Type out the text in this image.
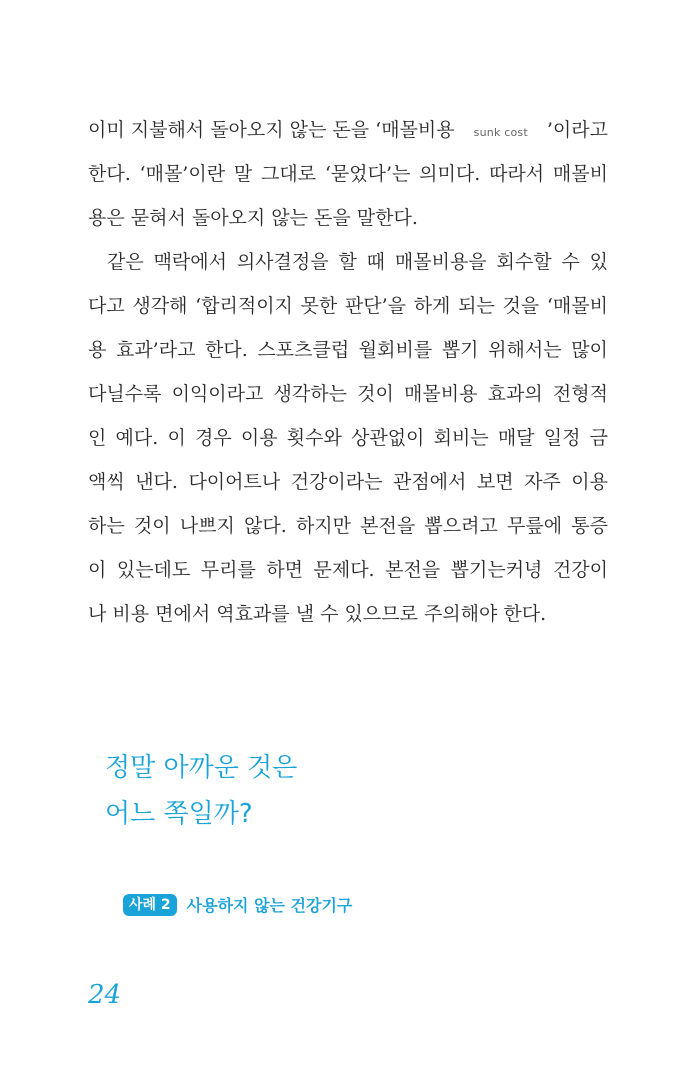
이미 지불해서 돌아오지 않는 돈을 ‘매몰비용 sunk cost ’이라고
한다. ‘매몰’이란 말 그대로 ‘묻었다’는 의미다. 따라서 매몰비
용은 묻혀서 돌아오지 않는 돈을 말한다.
같은 맥락에서 의사결정을 할 때 매몰비용을 회수할 수 있
다고 생각해 ‘합리적이지 못한 판단’을 하게 되는 것을 ‘매몰비
용 효과’라고 한다. 스포츠클럽 월회비를 뽑기 위해서는 많이
다닐수록 이익이라고 생각하는 것이 매몰비용 효과의 전형적
인 예다. 이 경우 이용 횟수와 상관없이 회비는 매달 일정 금
액씩 낸다. 다이어트나 건강이라는 관점에서 보면 자주 이용
하는 것이 나쁘지 않다. 하지만 본전을 뽑으려고 무릎에 통증
이 있는데도 무리를 하면 문제다. 본전을 뽑기는커녕 건강이
나 비용 면에서 역효과를 낼 수 있으므로 주의해야 한다.
정말 아까운 것은
어느 쪽일까?
사례 2	사용하지 않는 건강기구
24
